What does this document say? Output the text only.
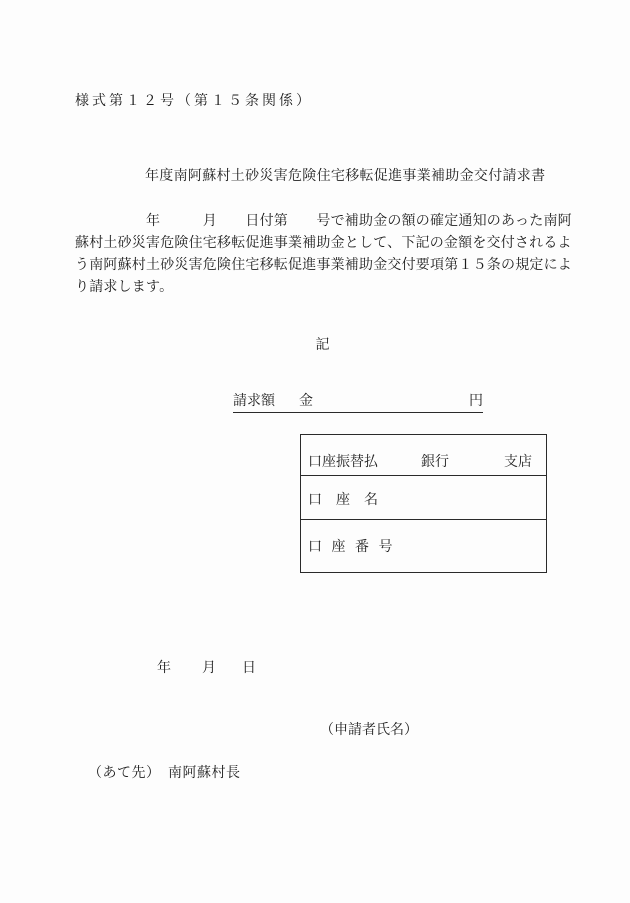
様式第１２号（第１５条関係）
年度南阿蘇村土砂災害危険住宅移転促進事業補助金交付請求書
　　　　　年　　　月　　日付第　　号で補助金の額の確定通知のあった南阿
蘇村土砂災害危険住宅移転促進事業補助金として、下記の金額を交付されるよ
う南阿蘇村土砂災害危険住宅移転促進事業補助金交付要項第１５条の規定によ
り請求します。
記
請求額 金	円
口座振替払	銀行	支店
口　座　名
口 座 番 号
年 月 日
（申請者氏名）
（あて先）　南阿蘇村長
